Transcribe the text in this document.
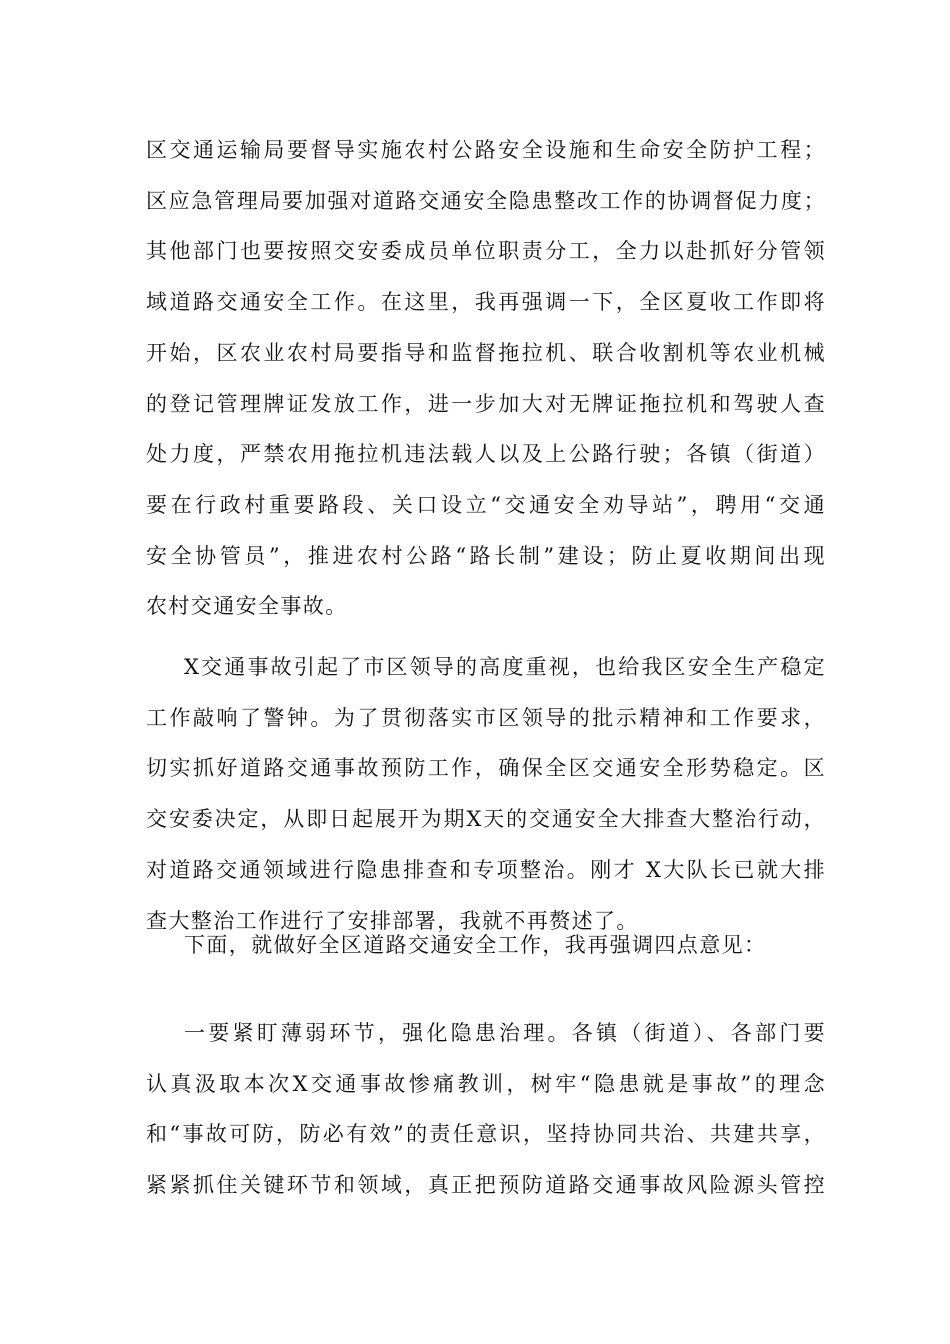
区交通运输局要督导实施农村公路安全设施和生命安全防护工程；
区应急管理局要加强对道路交通安全隐患整改工作的协调督促力度；
其他部门也要按照交安委成员单位职责分工，全力以赴抓好分管领
域道路交通安全工作。在这里，我再强调一下，全区夏收工作即将
开始，区农业农村局要指导和监督拖拉机、联合收割机等农业机械
的登记管理牌证发放工作，进一步加大对无牌证拖拉机和驾驶人查
处力度，严禁农用拖拉机违法载人以及上公路行驶；各镇（街道）
要在行政村重要路段、关口设立“交通安全劝导站”，聘用“交通
安全协管员”，推进农村公路“路长制”建设；防止夏收期间出现
农村交通安全事故。
X交通事故引起了市区领导的高度重视，也给我区安全生产稳定
工作敲响了警钟。为了贯彻落实市区领导的批示精神和工作要求，
切实抓好道路交通事故预防工作，确保全区交通安全形势稳定。区
交安委决定，从即日起展开为期X天的交通安全大排查大整治行动，
对道路交通领域进行隐患排查和专项整治。刚才 X大队长已就大排
查大整治工作进行了安排部署，我就不再赘述了。
下面，就做好全区道路交通安全工作，我再强调四点意见：
一要紧盯薄弱环节，强化隐患治理。各镇（街道）、各部门要
认真汲取本次X交通事故惨痛教训，树牢“隐患就是事故”的理念
和“事故可防，防必有效”的责任意识，坚持协同共治、共建共享，
紧紧抓住关键环节和领域，真正把预防道路交通事故风险源头管控
